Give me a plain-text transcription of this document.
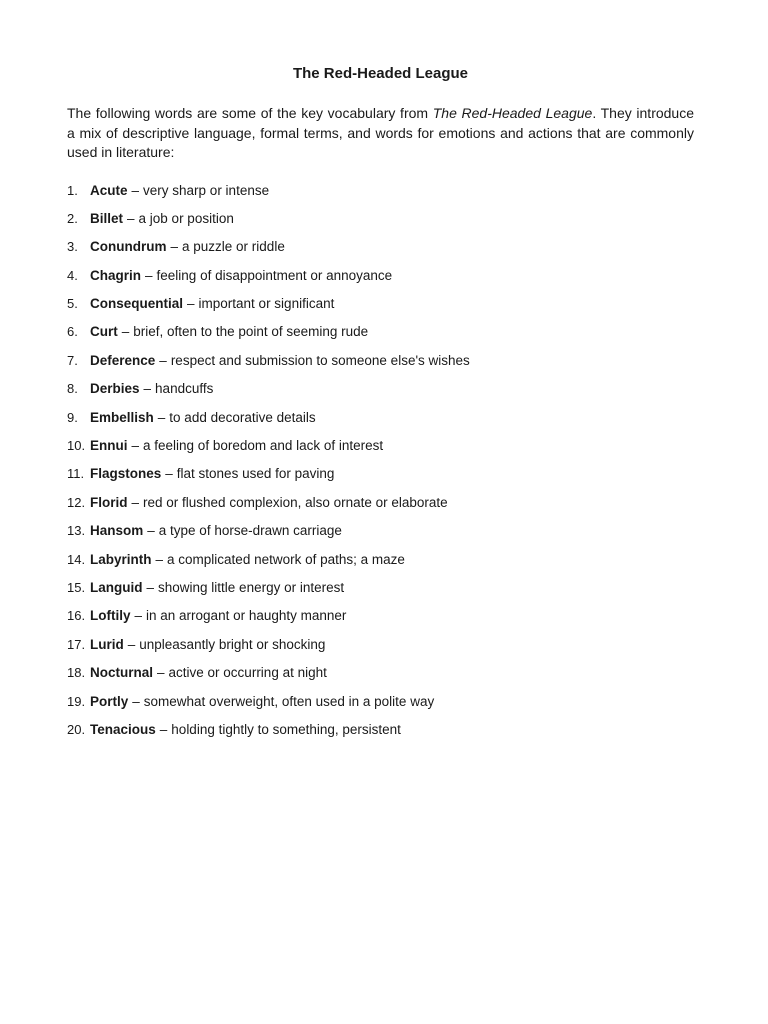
The Red-Headed League

The following words are some of the key vocabulary from The Red-Headed League. They introduce a mix of descriptive language, formal terms, and words for emotions and actions that are commonly used in literature:

1. Acute – very sharp or intense
2. Billet – a job or position
3. Conundrum – a puzzle or riddle
4. Chagrin – feeling of disappointment or annoyance
5. Consequential – important or significant
6. Curt – brief, often to the point of seeming rude
7. Deference – respect and submission to someone else's wishes
8. Derbies – handcuffs
9. Embellish – to add decorative details
10. Ennui – a feeling of boredom and lack of interest
11. Flagstones – flat stones used for paving
12. Florid – red or flushed complexion, also ornate or elaborate
13. Hansom – a type of horse-drawn carriage
14. Labyrinth – a complicated network of paths; a maze
15. Languid – showing little energy or interest
16. Loftily – in an arrogant or haughty manner
17. Lurid – unpleasantly bright or shocking
18. Nocturnal – active or occurring at night
19. Portly – somewhat overweight, often used in a polite way
20. Tenacious – holding tightly to something, persistent
